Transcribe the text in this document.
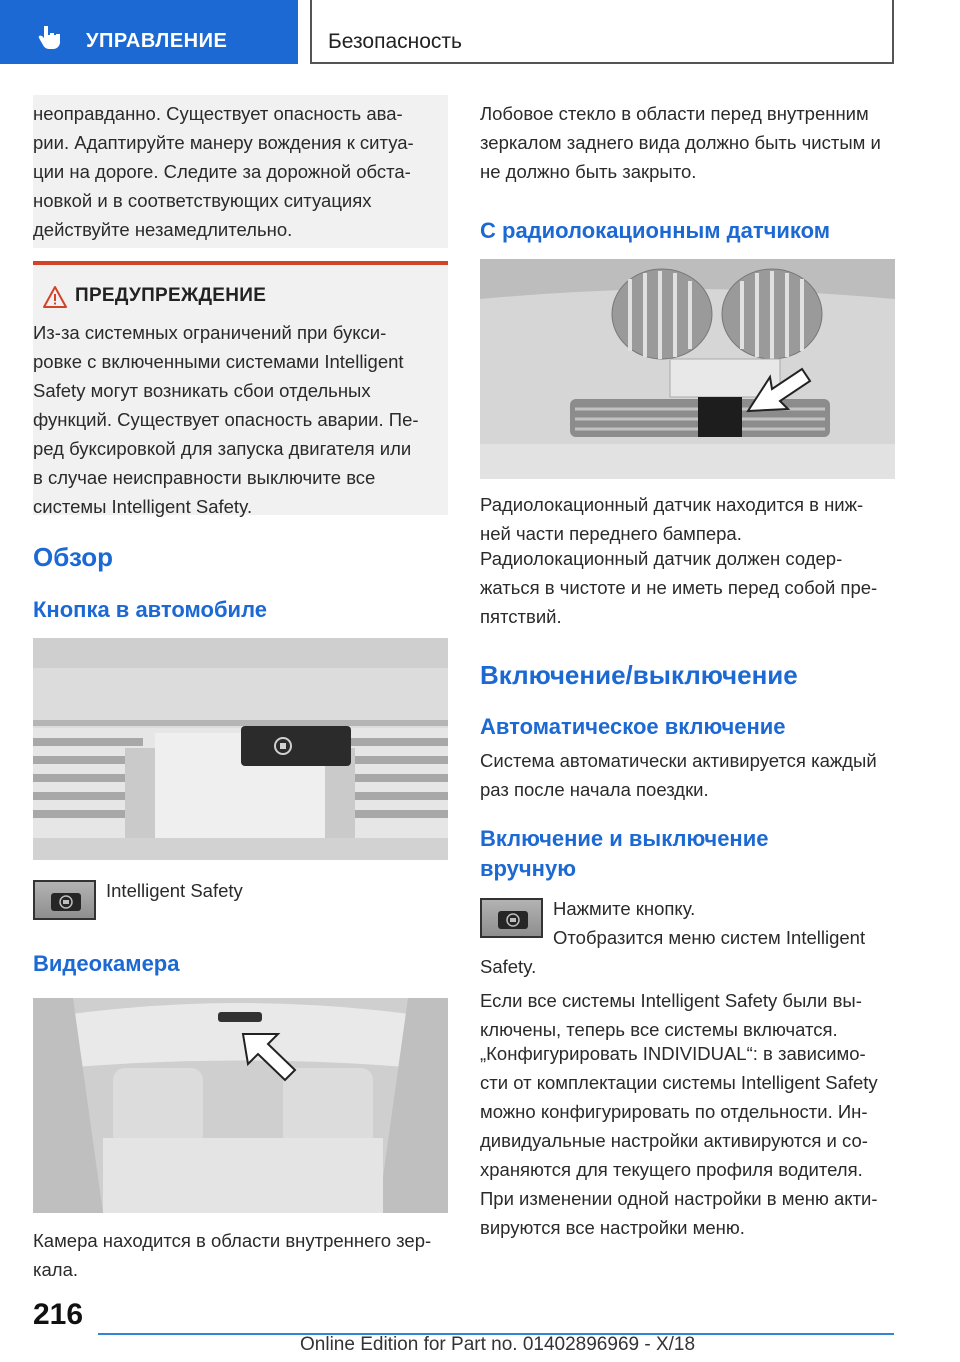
УПРАВЛЕНИЕ	Безопасность
неоправданно. Существует опасность ава-
рии. Адаптируйте манеру вождения к ситуа-
ции на дороге. Следите за дорожной обста-
новкой и в соответствующих ситуациях
действуйте незамедлительно.
ПРЕДУПРЕЖДЕНИЕ
Из-за системных ограничений при букси-
ровке с включенными системами Intelligent
Safety могут возникать сбои отдельных
функций. Существует опасность аварии. Пе-
ред буксировкой для запуска двигателя или
в случае неисправности выключите все
системы Intelligent Safety.
Обзор
Кнопка в автомобиле
Intelligent Safety
Видеокамера
Камера находится в области внутреннего зер-
кала.
Лобовое стекло в области перед внутренним
зеркалом заднего вида должно быть чистым и
не должно быть закрыто.
С радиолокационным датчиком
Радиолокационный датчик находится в ниж-
ней части переднего бампера.
Радиолокационный датчик должен содер-
жаться в чистоте и не иметь перед собой пре-
пятствий.
Включение/выключение
Автоматическое включение
Система автоматически активируется каждый
раз после начала поездки.
Включение и выключение
вручную
Нажмите кнопку.
Отобразится меню систем Intelligent
Safety.
Если все системы Intelligent Safety были вы-
ключены, теперь все системы включатся.
„Конфигурировать INDIVIDUAL“: в зависимо-
сти от комплектации системы Intelligent Safety
можно конфигурировать по отдельности. Ин-
дивидуальные настройки активируются и со-
храняются для текущего профиля водителя.
При изменении одной настройки в меню акти-
вируются все настройки меню.
216
Online Edition for Part no. 01402896969 - X/18
